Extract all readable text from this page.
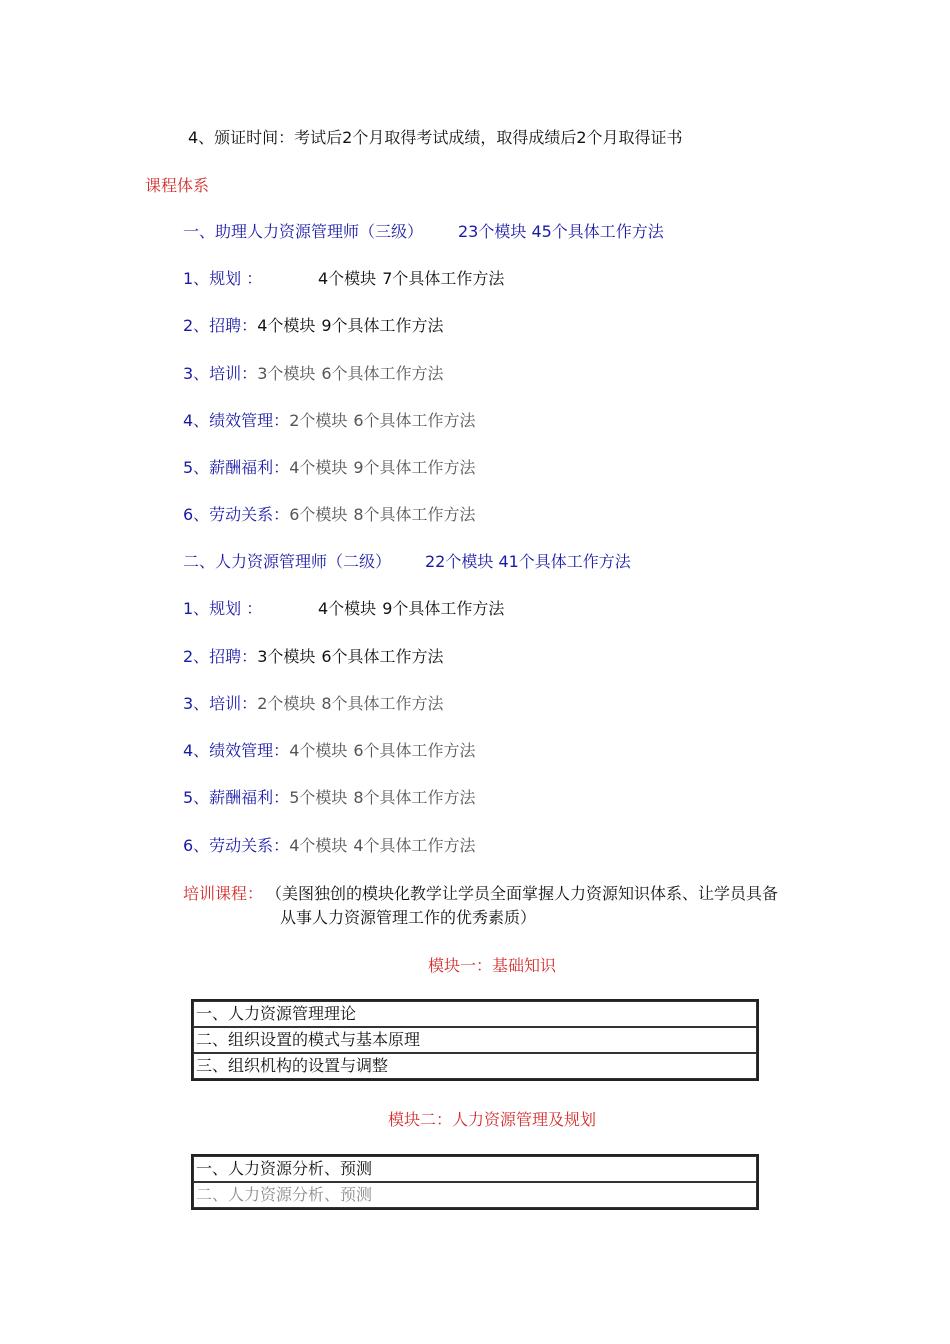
4、颁证时间：考试后2个月取得考试成绩，取得成绩后2个月取得证书
课程体系
一、助理人力资源管理师（三级） 23个模块 45个具体工作方法
1、规划 ：	4个模块 7个具体工作方法
2、招聘：4个模块 9个具体工作方法
3、培训：3个模块 6个具体工作方法
4、绩效管理：2个模块 6个具体工作方法
5、薪酬福利：4个模块 9个具体工作方法
6、劳动关系：6个模块 8个具体工作方法
二、人力资源管理师（二级） 22个模块 41个具体工作方法
1、规划 ：	4个模块 9个具体工作方法
2、招聘：3个模块 6个具体工作方法
3、培训：2个模块 8个具体工作方法
4、绩效管理：4个模块 6个具体工作方法
5、薪酬福利：5个模块 8个具体工作方法
6、劳动关系：4个模块 4个具体工作方法
培训课程： （美图独创的模块化教学让学员全面掌握人力资源知识体系、让学员具备
从事人力资源管理工作的优秀素质）
模块一：基础知识
一、人力资源管理理论
二、组织设置的模式与基本原理
三、组织机构的设置与调整
模块二：人力资源管理及规划
一、人力资源分析、预测
二、人力资源分析、预测
